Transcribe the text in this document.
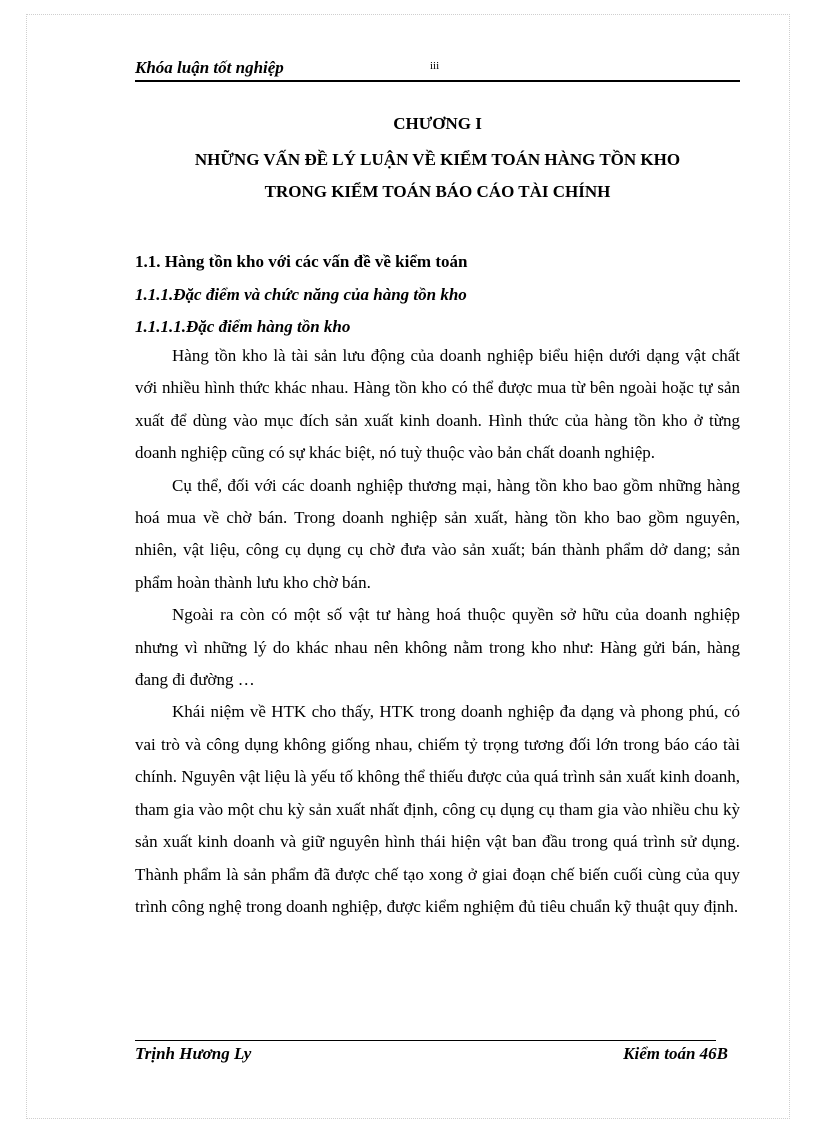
Khóa luận tốt nghiệp	iii
CHƯƠNG I
NHỮNG VẤN ĐỀ LÝ LUẬN VỀ KIỂM TOÁN HÀNG TỒN KHO
TRONG KIỂM TOÁN BÁO CÁO TÀI CHÍNH
1.1. Hàng tồn kho với các vấn đề về kiểm toán
1.1.1.Đặc điểm và chức năng của hàng tồn kho
1.1.1.1.Đặc điểm hàng tồn kho

Hàng tồn kho là tài sản lưu động của doanh nghiệp biểu hiện dưới dạng vật chất với nhiều hình thức khác nhau. Hàng tồn kho có thể được mua từ bên ngoài hoặc tự sản xuất để dùng vào mục đích sản xuất kinh doanh. Hình thức của hàng tồn kho ở từng doanh nghiệp cũng có sự khác biệt, nó tuỳ thuộc vào bản chất doanh nghiệp.

Cụ thể, đối với các doanh nghiệp thương mại, hàng tồn kho bao gồm những hàng hoá mua về chờ bán. Trong doanh nghiệp sản xuất, hàng tồn kho bao gồm nguyên, nhiên, vật liệu, công cụ dụng cụ chờ đưa vào sản xuất; bán thành phẩm dở dang; sản phẩm hoàn thành lưu kho chờ bán.

Ngoài ra còn có một số vật tư hàng hoá thuộc quyền sở hữu của doanh nghiệp nhưng vì những lý do khác nhau nên không nằm trong kho như: Hàng gửi bán, hàng đang đi đường …

Khái niệm về HTK cho thấy, HTK trong doanh nghiệp đa dạng và phong phú, có vai trò và công dụng không giống nhau, chiếm tỷ trọng tương đối lớn trong báo cáo tài chính. Nguyên vật liệu là yếu tố không thể thiếu được của quá trình sản xuất kinh doanh, tham gia vào một chu kỳ sản xuất nhất định, công cụ dụng cụ tham gia vào nhiều chu kỳ sản xuất kinh doanh và giữ nguyên hình thái hiện vật ban đầu trong quá trình sử dụng. Thành phẩm là sản phẩm đã được chế tạo xong ở giai đoạn chế biến cuối cùng của quy trình công nghệ trong doanh nghiệp, được kiểm nghiệm đủ tiêu chuẩn kỹ thuật quy định.

Trịnh Hương Ly	Kiểm toán 46B
